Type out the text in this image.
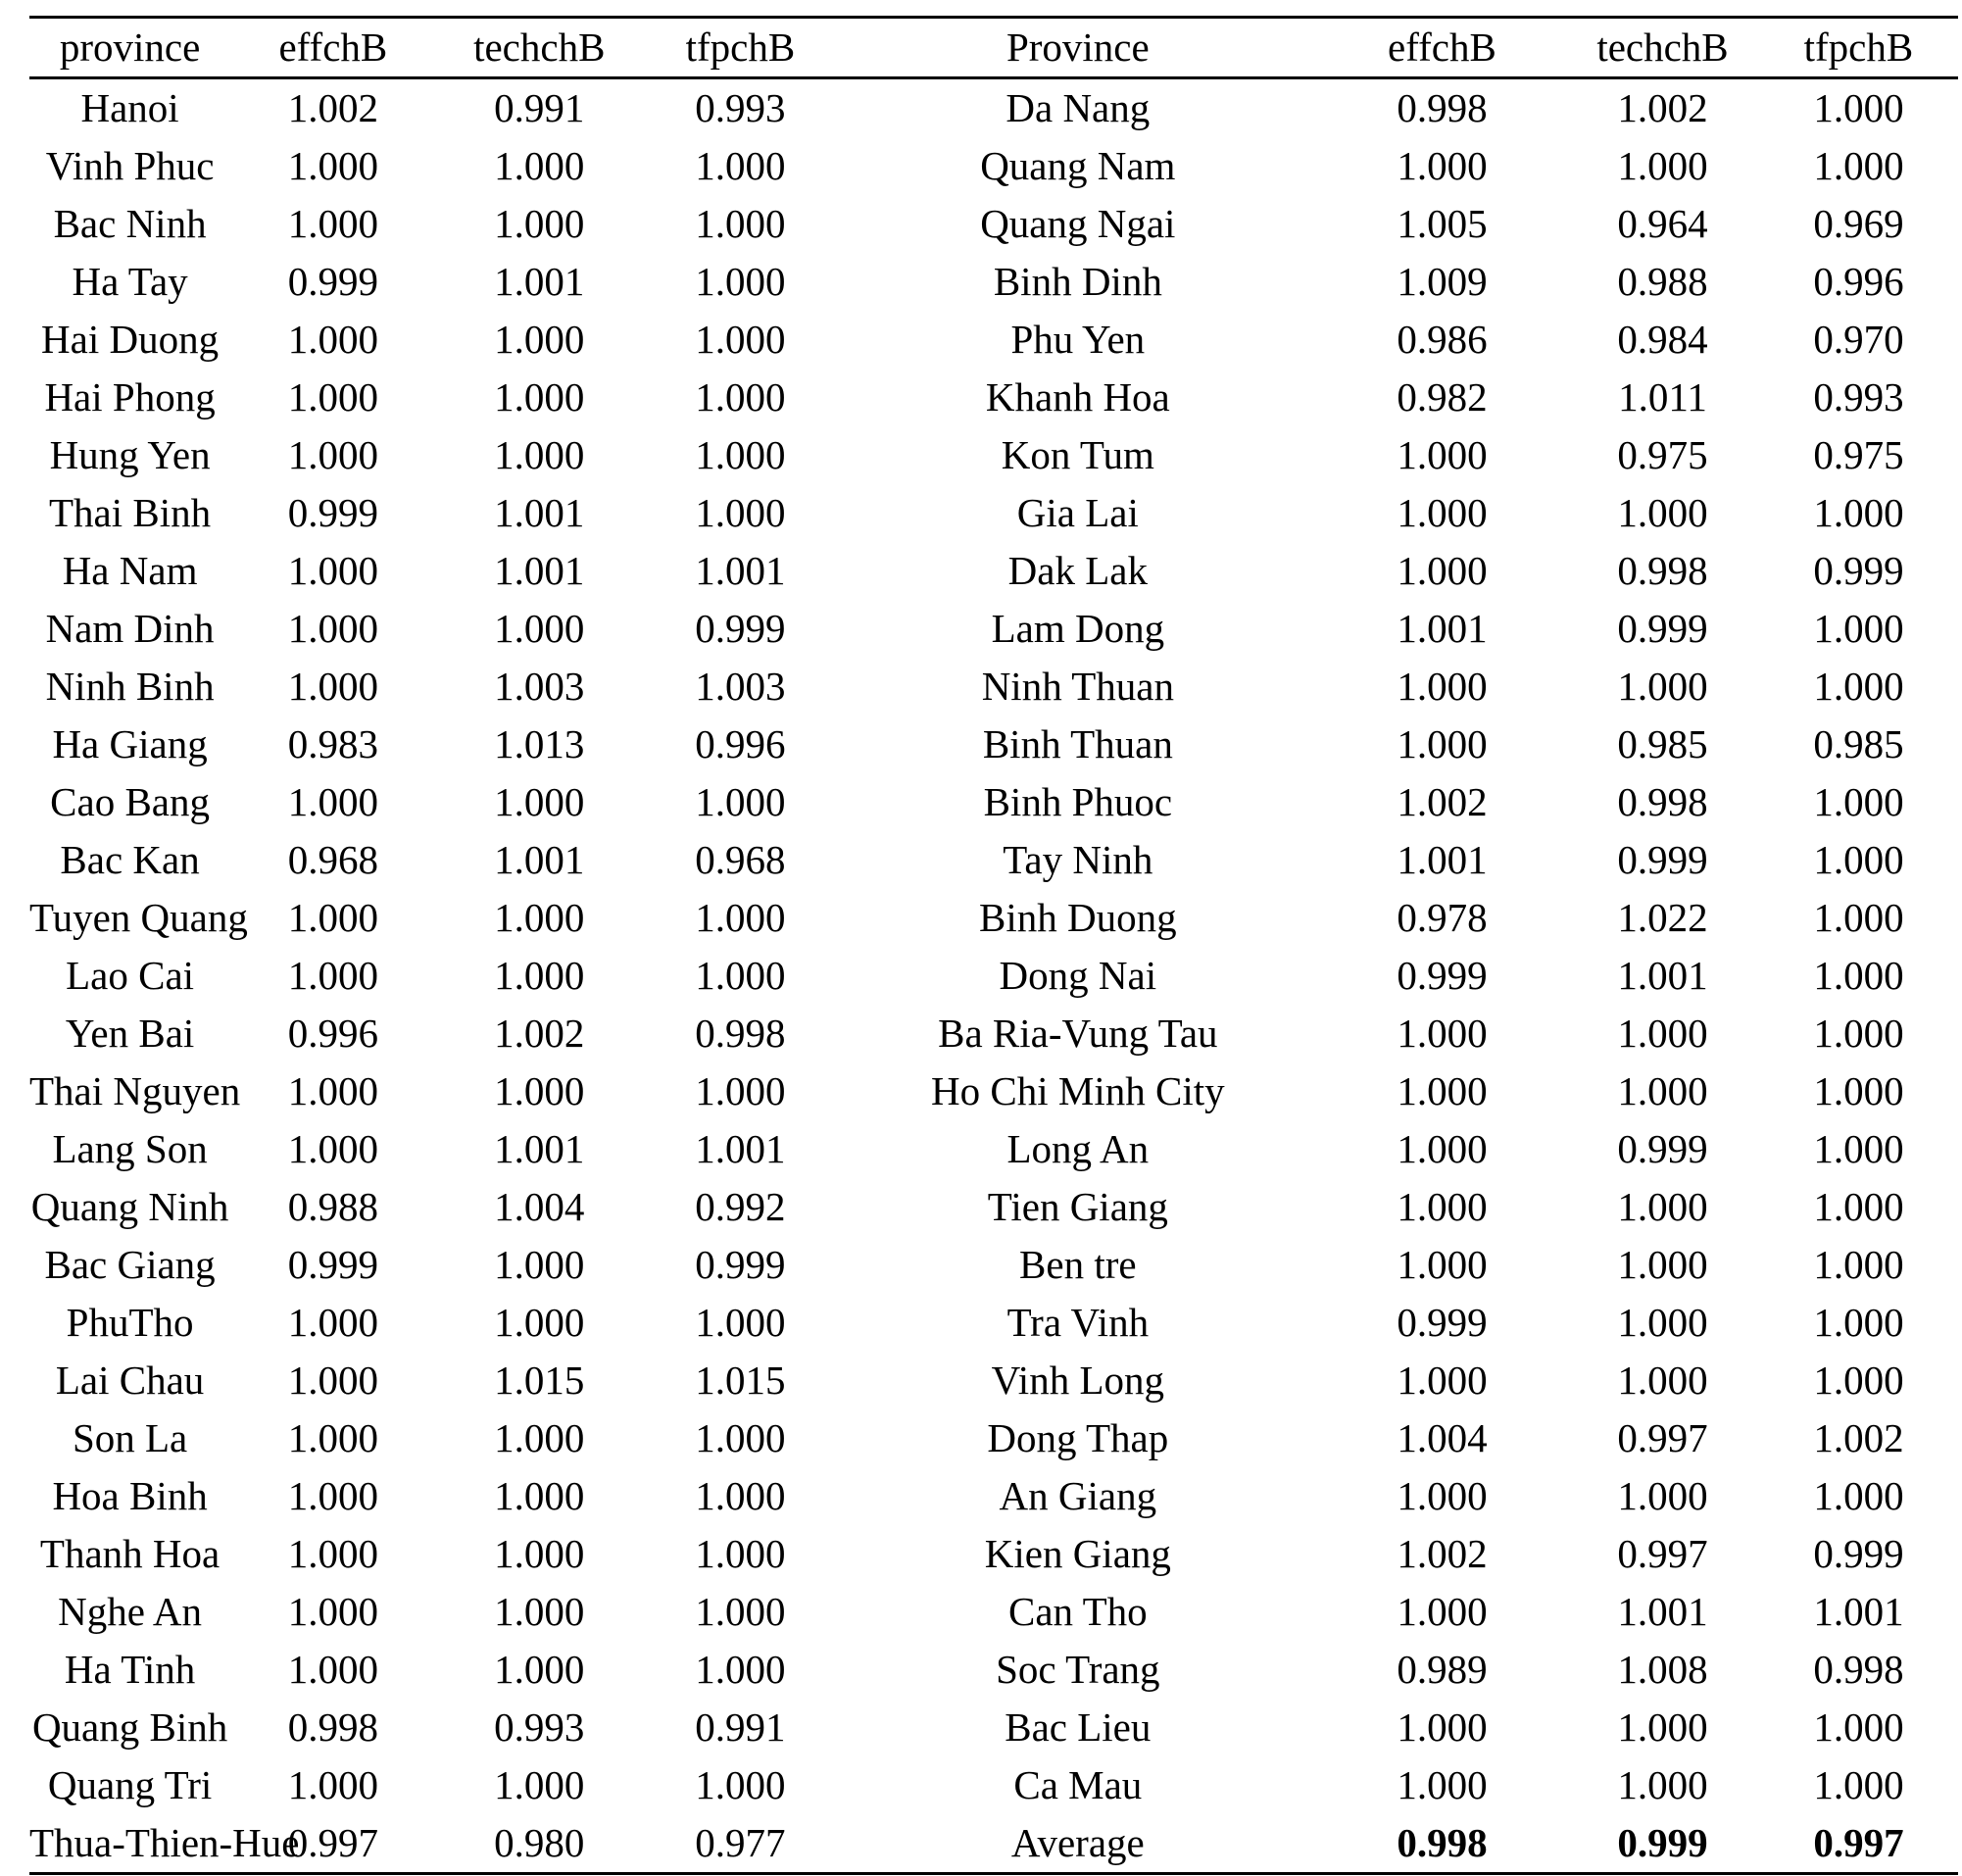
province	effchB	techchB	tfpchB	Province	effchB	techchB	tfpchB
Hanoi	1.002	0.991	0.993	Da Nang	0.998	1.002	1.000
Vinh Phuc	1.000	1.000	1.000	Quang Nam	1.000	1.000	1.000
Bac Ninh	1.000	1.000	1.000	Quang Ngai	1.005	0.964	0.969
Ha Tay	0.999	1.001	1.000	Binh Dinh	1.009	0.988	0.996
Hai Duong	1.000	1.000	1.000	Phu Yen	0.986	0.984	0.970
Hai Phong	1.000	1.000	1.000	Khanh Hoa	0.982	1.011	0.993
Hung Yen	1.000	1.000	1.000	Kon Tum	1.000	0.975	0.975
Thai Binh	0.999	1.001	1.000	Gia Lai	1.000	1.000	1.000
Ha Nam	1.000	1.001	1.001	Dak Lak	1.000	0.998	0.999
Nam Dinh	1.000	1.000	0.999	Lam Dong	1.001	0.999	1.000
Ninh Binh	1.000	1.003	1.003	Ninh Thuan	1.000	1.000	1.000
Ha Giang	0.983	1.013	0.996	Binh Thuan	1.000	0.985	0.985
Cao Bang	1.000	1.000	1.000	Binh Phuoc	1.002	0.998	1.000
Bac Kan	0.968	1.001	0.968	Tay Ninh	1.001	0.999	1.000
Tuyen Quang	1.000	1.000	1.000	Binh Duong	0.978	1.022	1.000
Lao Cai	1.000	1.000	1.000	Dong Nai	0.999	1.001	1.000
Yen Bai	0.996	1.002	0.998	Ba Ria-Vung Tau	1.000	1.000	1.000
Thai Nguyen	1.000	1.000	1.000	Ho Chi Minh City	1.000	1.000	1.000
Lang Son	1.000	1.001	1.001	Long An	1.000	0.999	1.000
Quang Ninh	0.988	1.004	0.992	Tien Giang	1.000	1.000	1.000
Bac Giang	0.999	1.000	0.999	Ben tre	1.000	1.000	1.000
PhuTho	1.000	1.000	1.000	Tra Vinh	0.999	1.000	1.000
Lai Chau	1.000	1.015	1.015	Vinh Long	1.000	1.000	1.000
Son La	1.000	1.000	1.000	Dong Thap	1.004	0.997	1.002
Hoa Binh	1.000	1.000	1.000	An Giang	1.000	1.000	1.000
Thanh Hoa	1.000	1.000	1.000	Kien Giang	1.002	0.997	0.999
Nghe An	1.000	1.000	1.000	Can Tho	1.000	1.001	1.001
Ha Tinh	1.000	1.000	1.000	Soc Trang	0.989	1.008	0.998
Quang Binh	0.998	0.993	0.991	Bac Lieu	1.000	1.000	1.000
Quang Tri	1.000	1.000	1.000	Ca Mau	1.000	1.000	1.000
Thua-Thien-Hue	0.997	0.980	0.977	Average	0.998	0.999	0.997
